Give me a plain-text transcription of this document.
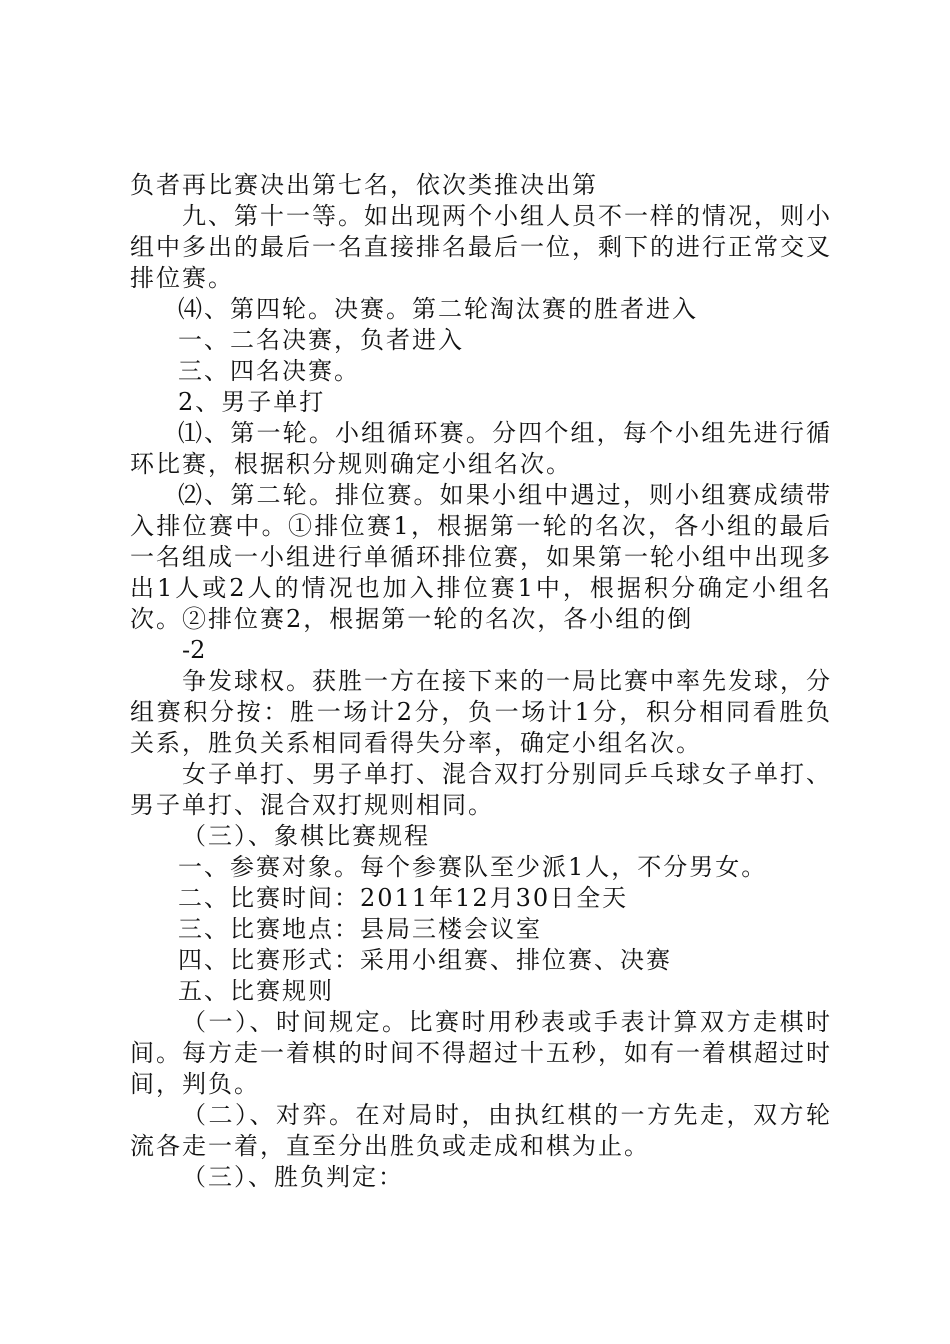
负者再比赛决出第七名，依次类推决出第

九、第十一等。如出现两个小组人员不一样的情况，则小组中多出的最后一名直接排名最后一位，剩下的进行正常交叉排位赛。

⑷、第四轮。决赛。第二轮淘汰赛的胜者进入

一、二名决赛，负者进入

三、四名决赛。

2、男子单打

⑴、第一轮。小组循环赛。分四个组，每个小组先进行循环比赛，根据积分规则确定小组名次。

⑵、第二轮。排位赛。如果小组中遇过，则小组赛成绩带入排位赛中。①排位赛1，根据第一轮的名次，各小组的最后一名组成一小组进行单循环排位赛，如果第一轮小组中出现多出1人或2人的情况也加入排位赛1中，根据积分确定小组名次。②排位赛2，根据第一轮的名次，各小组的倒

-2

争发球权。获胜一方在接下来的一局比赛中率先发球，分组赛积分按：胜一场计2分，负一场计1分，积分相同看胜负关系，胜负关系相同看得失分率，确定小组名次。

女子单打、男子单打、混合双打分别同乒乓球女子单打、男子单打、混合双打规则相同。

（三）、象棋比赛规程

一、参赛对象。每个参赛队至少派1人，不分男女。

二、比赛时间：2011年12月30日全天

三、比赛地点：县局三楼会议室

四、比赛形式：采用小组赛、排位赛、决赛

五、比赛规则

（一）、时间规定。比赛时用秒表或手表计算双方走棋时间。每方走一着棋的时间不得超过十五秒，如有一着棋超过时间，判负。

（二）、对弈。在对局时，由执红棋的一方先走，双方轮流各走一着，直至分出胜负或走成和棋为止。

（三）、胜负判定：
